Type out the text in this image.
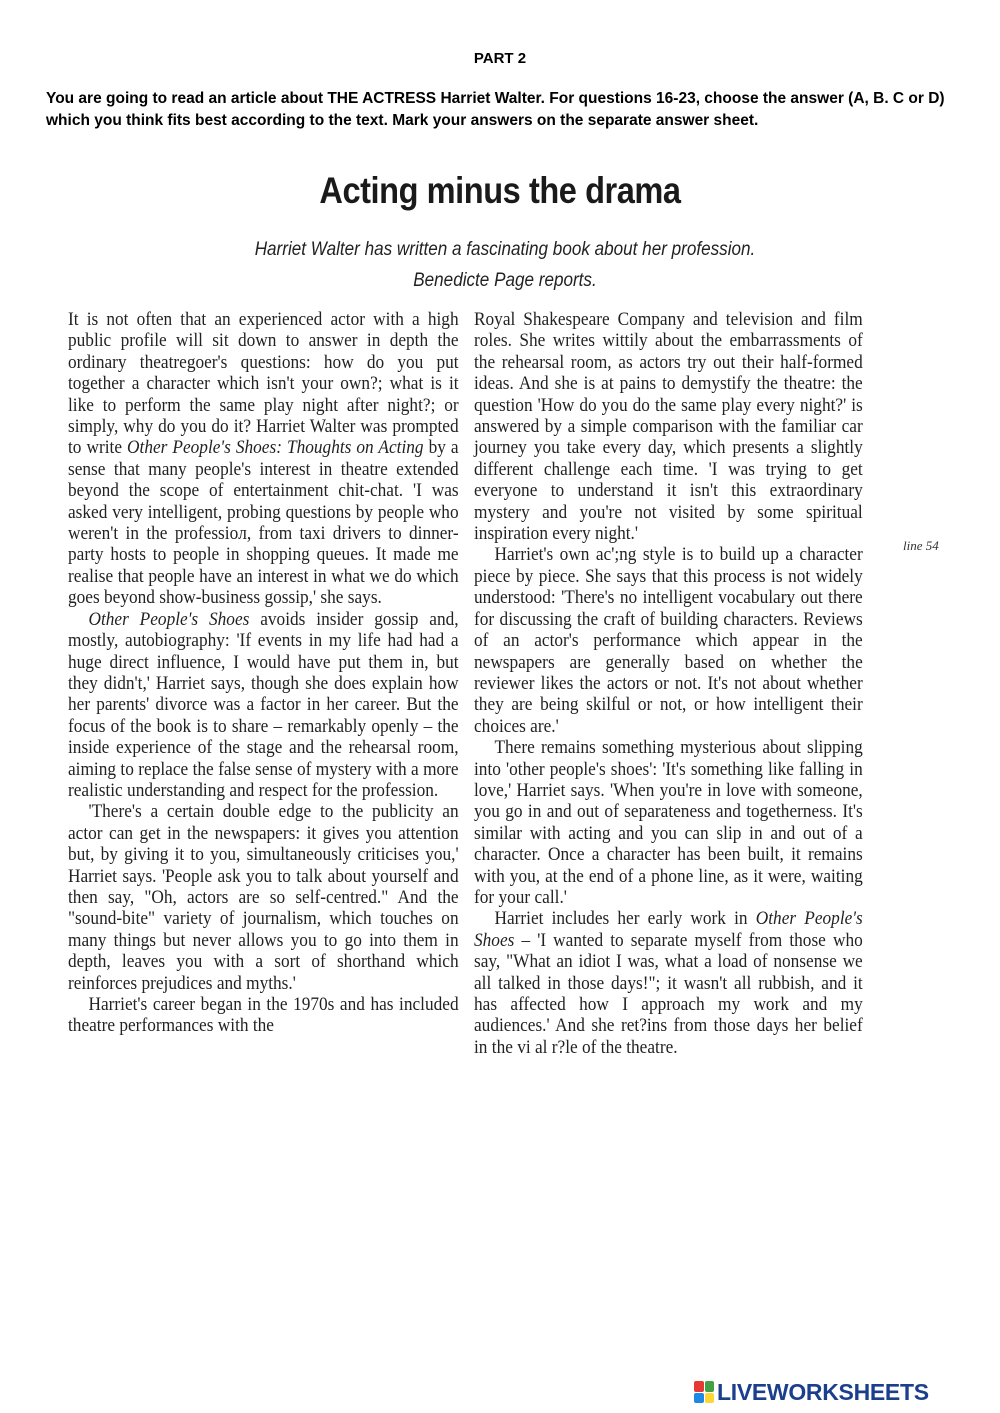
PART 2
You are going to read an article about THE ACTRESS Harriet Walter. For questions 16-23, choose the answer (A, B. C or D) which you think fits best according to the text. Mark your answers on the separate answer sheet.
Acting minus the drama
Harriet Walter has written a fascinating book about her profession.
Benedicte Page reports.

It is not often that an experienced actor with a high public profile will sit down to answer in depth the ordinary theatregoer's questions: how do you put together a character which isn't your own?; what is it like to perform the same play night after night?; or simply, why do you do it? Harriet Walter was prompted to write Other People's Shoes: Thoughts on Acting by a sense that many people's interest in theatre extended beyond the scope of entertainment chit-chat. 'I was asked very intelligent, probing questions by people who weren't in the professioл, from taxi drivers to dinner-party hosts to people in shopping queues. It made me realise that people have an interest in what we do which goes beyond show-business gossip,' she says.

Other People's Shoes avoids insider gossip and, mostly, autobiography: 'If events in my life had had a huge direct influence, I would have put them in, but they didn't,' Harriet says, though she does explain how her parents' divorce was a factor in her career. But the focus of the book is to share – remarkably openly – the inside experience of the stage and the rehearsal room, aiming to replace the false sense of mystery with a more realistic understanding and respect for the profession.

'There's a certain double edge to the publicity an actor can get in the newspapers: it gives you attention but, by giving it to you, simultaneously criticises you,' Harriet says. 'People ask you to talk about yourself and then say, "Oh, actors are so self-centred." And the "sound-bite" variety of journalism, which touches on many things but never allows you to go into them in depth, leaves you with a sort of shorthand which reinforces prejudices and myths.'

Harriet's career began in the 1970s and has included theatre performances with the

Royal Shakespeare Company and television and film roles. She writes wittily about the embarrassments of the rehearsal room, as actors try out their half-formed ideas. And she is at pains to demystify the theatre: the question 'How do you do the same play every night?' is answered by a simple comparison with the familiar car journey you take every day, which presents a slightly different challenge each time. 'I was trying to get everyone to understand it isn't this extraordinary mystery and you're not visited by some spiritual inspiration every night.'

Harriet's own ac';ng style is to build up a character piece by piece. She says that this process is not widely understood: 'There's no intelligent vocabulary out there for discussing the craft of building characters. Reviews of an actor's performance which appear in the newspapers are generally based on whether the reviewer likes the actors or not. It's not about whether they are being skilful or not, or how intelligent their choices are.'

There remains something mysterious about slipping into 'other people's shoes': 'It's something like falling in love,' Harriet says. 'When you're in love with someone, you go in and out of separateness and togetherness. It's similar with acting and you can slip in and out of a character. Once a character has been built, it remains with you, at the end of a phone line, as it were, waiting for your call.'

Harriet includes her early work in Other People's Shoes – 'I wanted to separate myself from those who say, "What an idiot I was, what a load of nonsense we all talked in those days!"; it wasn't all rubbish, and it has affected how I approach my work and my audiences.' And she ret?ins from those days her belief in the vi al r?le of the theatre.

line 54
LIVEWORKSHEETS
